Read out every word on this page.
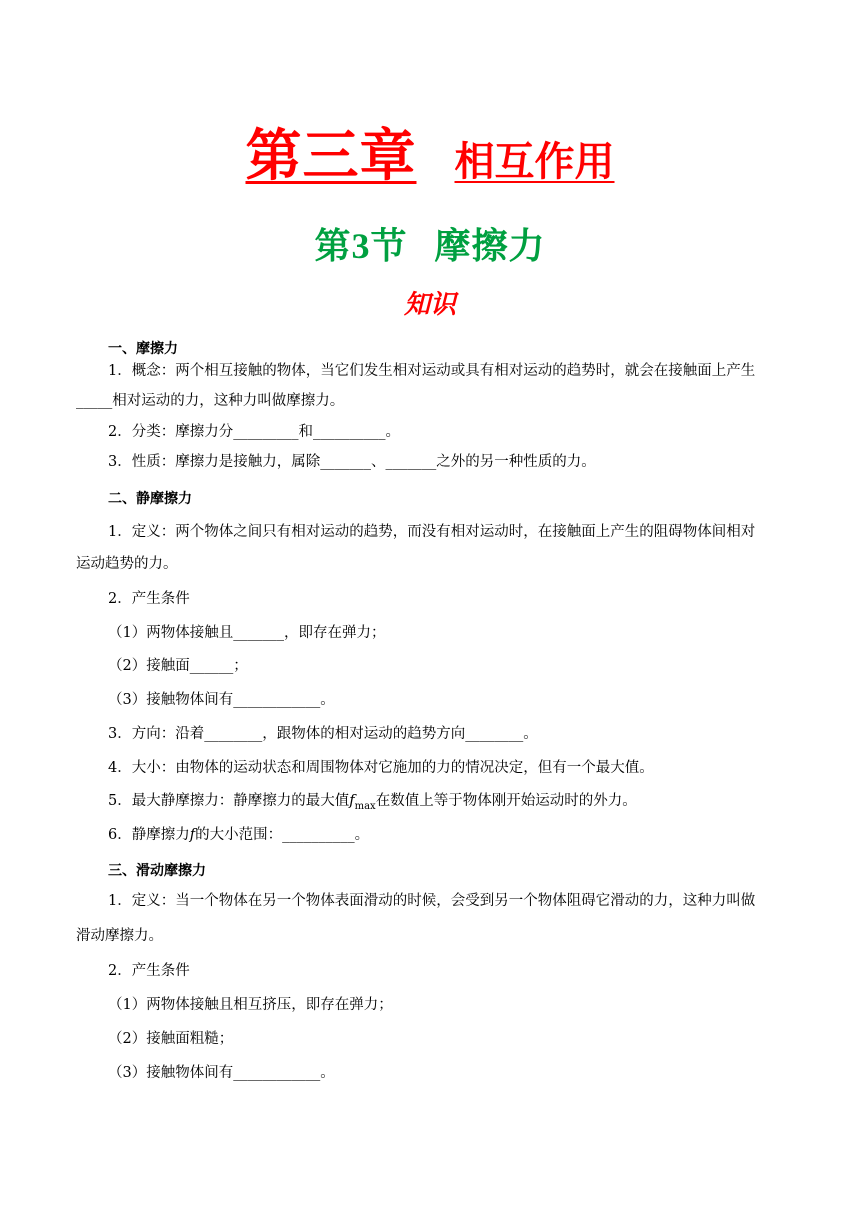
第三章 相互作用
第3节 摩擦力
知识
一、摩擦力
1．概念：两个相互接触的物体，当它们发生相对运动或具有相对运动的趋势时，就会在接触面上产生
_____相对运动的力，这种力叫做摩擦力。
2．分类：摩擦力分_________和__________。
3．性质：摩擦力是接触力，属除_______、_______之外的另一种性质的力。
二、静摩擦力
1．定义：两个物体之间只有相对运动的趋势，而没有相对运动时，在接触面上产生的阻碍物体间相对
运动趋势的力。
2．产生条件
（1）两物体接触且_______，即存在弹力；
（2）接触面______；
（3）接触物体间有____________。
3．方向：沿着________，跟物体的相对运动的趋势方向________。
4．大小：由物体的运动状态和周围物体对它施加的力的情况决定，但有一个最大值。
5．最大静摩擦力：静摩擦力的最大值$f_{max}$在数值上等于物体刚开始运动时的外力。
6．静摩擦力f的大小范围：__________。
三、滑动摩擦力
1．定义：当一个物体在另一个物体表面滑动的时候，会受到另一个物体阻碍它滑动的力，这种力叫做
滑动摩擦力。
2．产生条件
（1）两物体接触且相互挤压，即存在弹力；
（2）接触面粗糙；
（3）接触物体间有____________。
